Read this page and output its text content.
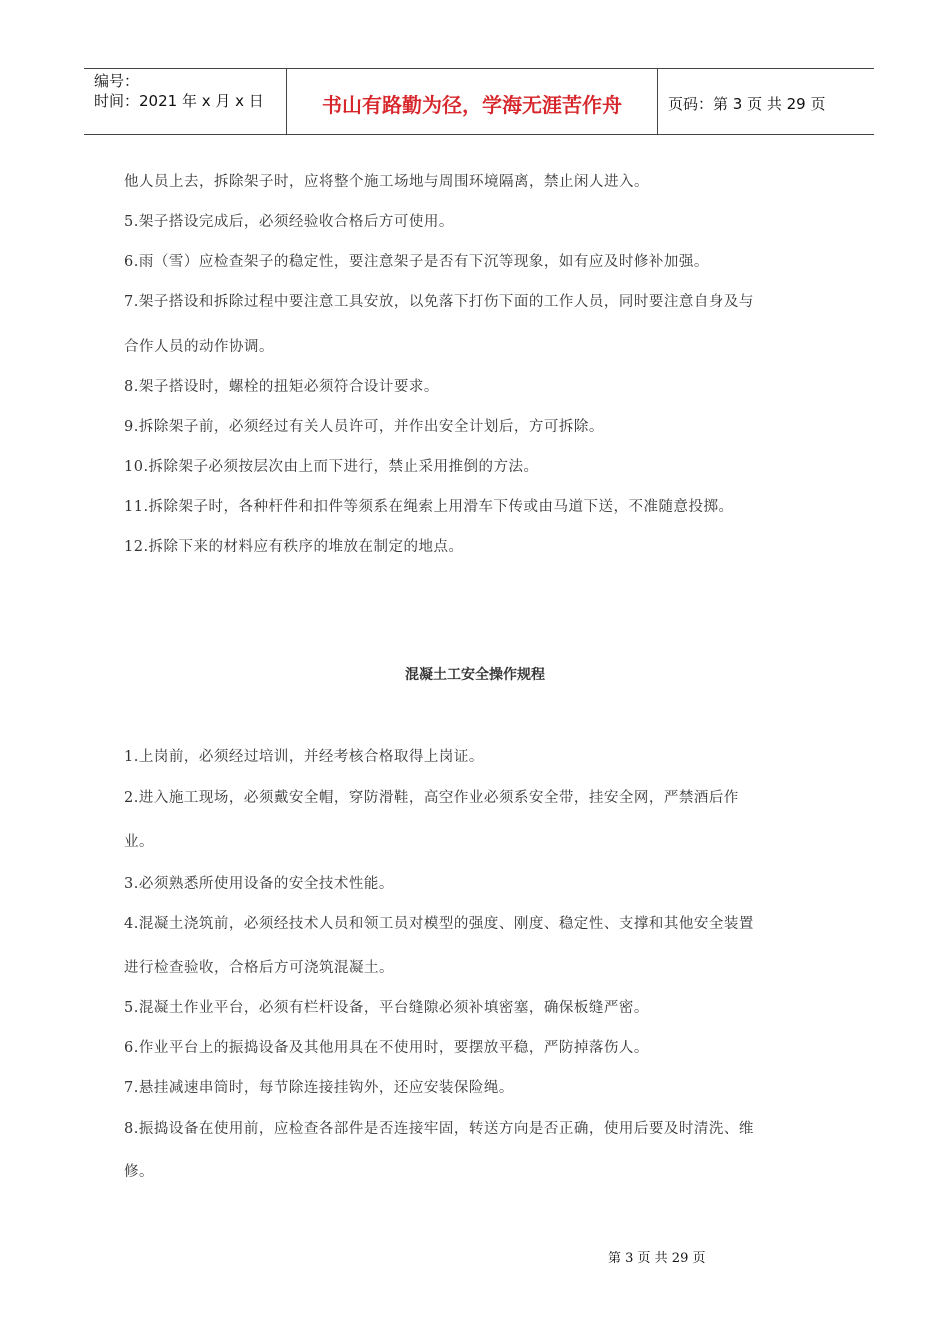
编号：
时间：2021 年 x 月 x 日	书山有路勤为径，学海无涯苦作舟	页码：第 3 页 共 29 页
他人员上去，拆除架子时，应将整个施工场地与周围环境隔离，禁止闲人进入。
5.架子搭设完成后，必须经验收合格后方可使用。
6.雨（雪）应检查架子的稳定性，要注意架子是否有下沉等现象，如有应及时修补加强。
7.架子搭设和拆除过程中要注意工具安放，以免落下打伤下面的工作人员，同时要注意自身及与
合作人员的动作协调。
8.架子搭设时，螺栓的扭矩必须符合设计要求。
9.拆除架子前，必须经过有关人员许可，并作出安全计划后，方可拆除。
10.拆除架子必须按层次由上而下进行，禁止采用推倒的方法。
11.拆除架子时，各种杆件和扣件等须系在绳索上用滑车下传或由马道下送，不准随意投掷。
12.拆除下来的材料应有秩序的堆放在制定的地点。
混凝土工安全操作规程
1.上岗前，必须经过培训，并经考核合格取得上岗证。
2.进入施工现场，必须戴安全帽，穿防滑鞋，高空作业必须系安全带，挂安全网，严禁酒后作
业。
3.必须熟悉所使用设备的安全技术性能。
4.混凝土浇筑前，必须经技术人员和领工员对模型的强度、刚度、稳定性、支撑和其他安全装置
进行检查验收，合格后方可浇筑混凝土。
5.混凝土作业平台，必须有栏杆设备，平台缝隙必须补填密塞，确保板缝严密。
6.作业平台上的振捣设备及其他用具在不使用时，要摆放平稳，严防掉落伤人。
7.悬挂减速串筒时，每节除连接挂钩外，还应安装保险绳。
8.振捣设备在使用前，应检查各部件是否连接牢固，转送方向是否正确，使用后要及时清洗、维
修。
第 3 页 共 29 页
